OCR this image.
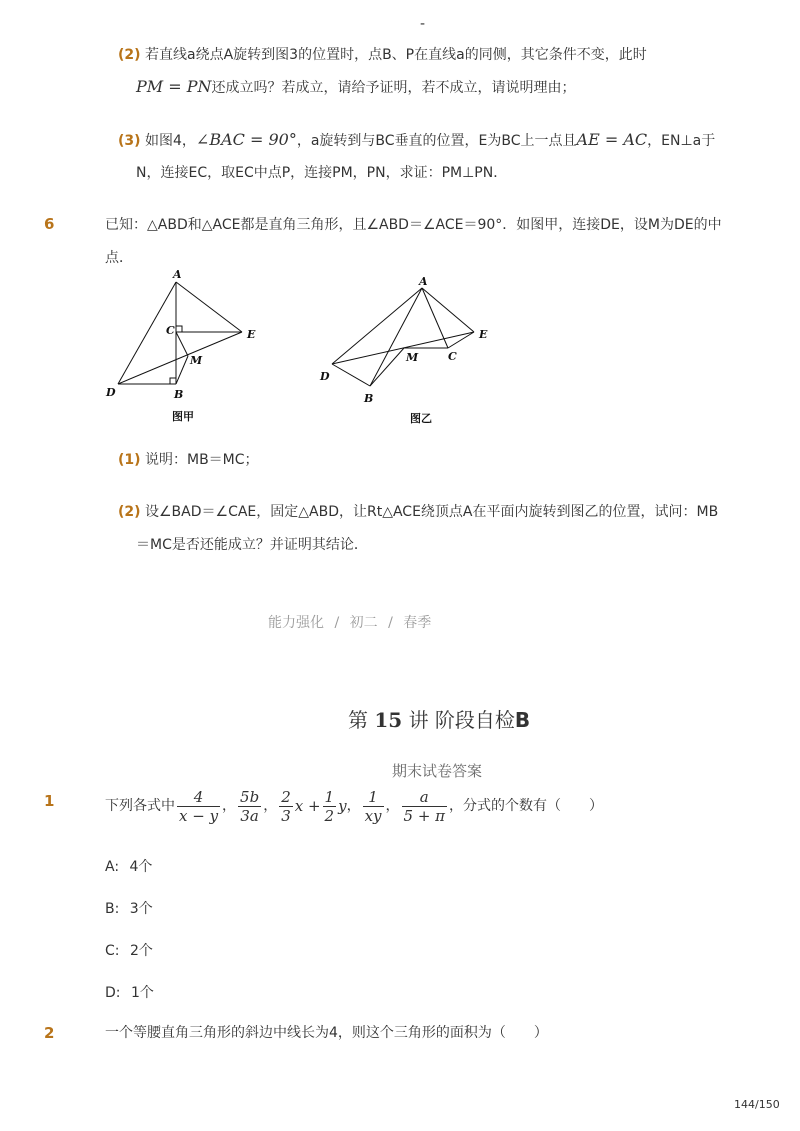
-
(2) 若直线a绕点A旋转到图3的位置时，点B、P在直线a的同侧，其它条件不变，此时
PM = PN还成立吗？若成立，请给予证明，若不成立，请说明理由；
(3) 如图4，∠BAC = 90°，a旋转到与BC垂直的位置，E为BC上一点且AE = AC，EN⊥a于
N，连接EC，取EC中点P，连接PM，PN，求证：PM⊥PN．
6	已知：△ABD和△ACE都是直角三角形，且∠ABD＝∠ACE＝90°．如图甲，连接DE，设M为DE的中
点．
A
C	E
M
D	B
图甲
A
E
M	C
D
B
图乙
(1) 说明：MB＝MC；
(2) 设∠BAD＝∠CAE，固定△ABD，让Rt△ACE绕顶点A在平面内旋转到图乙的位置，试问：MB
＝MC是否还能成立？并证明其结论．
能力强化 / 初二 / 春季
第 15 讲 阶段自检B
期末试卷答案
1	下列各式中 $\frac{4}{x - y}$ ， $\frac{5b}{3a}$ ， $\frac{2}{3}$ $x + \frac{1}{2}$ y ， $\frac{1}{xy}$ ， $\frac{a}{5 + \pi}$ ，分式的个数有（　　）
A: 4个
B: 3个
C: 2个
D: 1个
2	一个等腰直角三角形的斜边中线长为4，则这个三角形的面积为（　　）
144/150
